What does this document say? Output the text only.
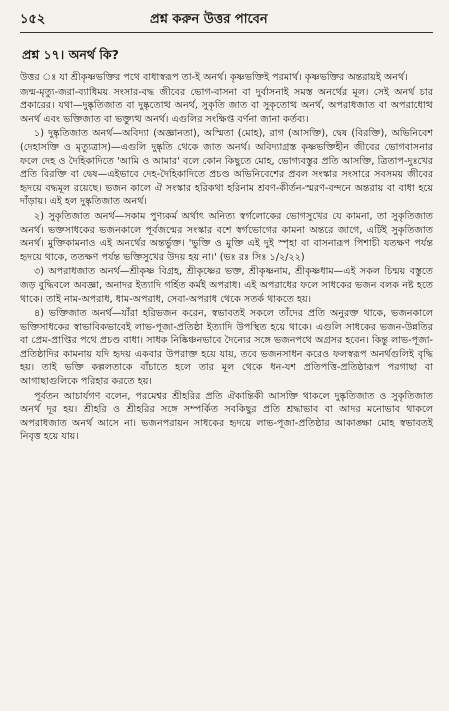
১৫২	প্রশ্ন করুন উত্তর পাবেন
প্রশ্ন ১৭। অনর্থ কি?

উত্তর ঃ যা শ্রীকৃষ্ণভক্তির পথে বাধাস্বরূপ তা-ই অনর্থ। কৃষ্ণভক্তিই পরমার্থ। কৃষ্ণভক্তির অন্তরায়ই অনর্থ।

জন্ম-মৃত্যু-জরা-ব্যাধিময় সংসার-বদ্ধ জীবের ভোগ-বাসনা বা দুর্বাসনাই সমস্ত অনর্থের মূল। সেই অনর্থ চার প্রকারের। যথা—দুষ্কৃতিজাত বা দুষ্কৃতোত্থ অনর্থ, সুকৃতি জাত বা সুকৃতোত্থ অনর্থ, অপরাধজাত বা অপরাধোত্থ অনর্থ এবং ভক্তিজাত বা ভক্ত্যুত্থ অনর্থ। এগুলির সংক্ষিপ্ত বর্ণনা জানা কর্তব্য।

১) দুষ্কৃতিজাত অনর্থ—অবিদ্যা (অজ্ঞানতা), অস্মিতা (মোহ), রাগ (আসক্তি), দ্বেষ (বিরক্তি), অভিনিবেশ (দেহাসক্তি ও মৃত্যুত্রাস)—এগুলি দুষ্কৃতি থেকে জাত অনর্থ। অবিদ্যাগ্রস্ত কৃষ্ণভক্তিহীন জীবের ভোগবাসনার ফলে দেহ ও দৈহিকাদিতে 'আমি ও আমার' বলে কোন কিছুতে মোহ, ভোগ্যবস্তুর প্রতি আসক্তি, ত্রিতাপ-দুঃখের প্রতি বিরক্তি বা দ্বেষ—এইভাবে দেহ-দৈহিকাদিতে প্রচণ্ড অভিনিবেশের প্রবল সংস্কার সংসারে সবসময় জীবের হৃদয়ে বদ্ধমূল রয়েছে। ভজন কালে ঐ সংস্কার হরিকথা হরিনাম শ্রবণ-কীর্তন-স্মরণ-বন্দনে অন্তরায় বা বাধা হয়ে দাঁড়ায়। এই হল দুষ্কৃতিজাত অনর্থ।

২) সুকৃতিজাত অনর্থ—সকাম পুণ্যকর্ম অর্থাৎ অনিত্য স্বর্গলোকের ভোগসুখের যে কামনা, তা সুকৃতিজাত অনর্থ। ভক্তসাধকের ভজনকালে পূর্বজন্মের সংস্কার বশে স্বর্গভোগের কামনা অন্তরে জাগে, এটিই সুকৃতিজাত অনর্থ। মুক্তিকামনাও এই অনর্থের অন্তর্ভুক্ত। 'ভুক্তি ও মুক্তি এই দুই স্পৃহা বা বাসনারূপ পিশাচী যতক্ষণ পর্যন্ত হৃদয়ে থাকে, ততক্ষণ পর্যন্ত ভক্তিসুখের উদয় হয় না।' (ভঃ রঃ সিঃ ১/২/২২)

৩) অপরাধজাত অনর্থ—শ্রীকৃষ্ণ বিগ্রহ, শ্রীকৃষ্ণের ভক্ত, শ্রীকৃষ্ণনাম, শ্রীকৃষ্ণধাম—এই সকল চিন্ময় বস্তুতে জড় বুদ্ধিবলে অবজ্ঞা, অনাদর ইত্যাদি গর্হিত কর্মই অপরাধ। এই অপরাধের ফলে সাধকের ভজন বলক নষ্ট হতে থাকে। তাই নাম-অপরাধ, ধাম-অপরাধ, সেবা-অপরাধ থেকে সতর্ক থাকতে হয়।

৪) ভক্তিজাত অনর্থ—যাঁরা হরিভজন করেন, স্বভাবতই সকলে তাঁদের প্রতি অনুরক্ত থাকে, ভজনকালে ভক্তিসাধকের স্বাভাবিকভাবেই লাভ-পূজা-প্রতিষ্ঠা ইত্যাদি উপস্থিত হয়ে থাকে। এগুলি সাধকের ভজন-উন্নতির বা প্রেম-প্রাপ্তির পথে প্রচণ্ড বাধা। সাধক নিষ্কিঞ্চনভাবে দৈন্যের সঙ্গে ভজনপথে অগ্রসর হবেন। কিন্তু লাভ-পূজা-প্রতিষ্ঠাদির কামনায় যদি হৃদয় একবার উপরাক্ত হয়ে যায়, তবে ভজনসাধন করেও ফলস্বরূপ অনর্থগুলিই বৃদ্ধি হয়। তাই ভক্তি কল্পলতাকে বাঁচাতে হলে তার মূল থেকে ধন-যশ প্রতিপত্তি-প্রতিষ্ঠারূপ পরগাছা বা আগাছাগুলিকে পরিহার করতে হয়।

পূর্বতন আচার্যগণ বলেন, পরমেশ্বর শ্রীহরির প্রতি ঐকান্তিকী আসক্তি থাকলে দুষ্কৃতিজাত ও সুকৃতিজাত অনর্থ দূর হয়। শ্রীহরি ও শ্রীহরির সঙ্গে সম্পর্কিত সবকিছুর প্রতি শ্রদ্ধাভাব বা আদর মনোভাব থাকলে অপরাধজাত অনর্থ আসে না। ভজনপরায়ন সাধকের হৃদয়ে লাভ-পূজা-প্রতিষ্ঠার আকাঙ্ক্ষা মোহ স্বভাবতই নিবৃত্ত হয়ে যায়।
